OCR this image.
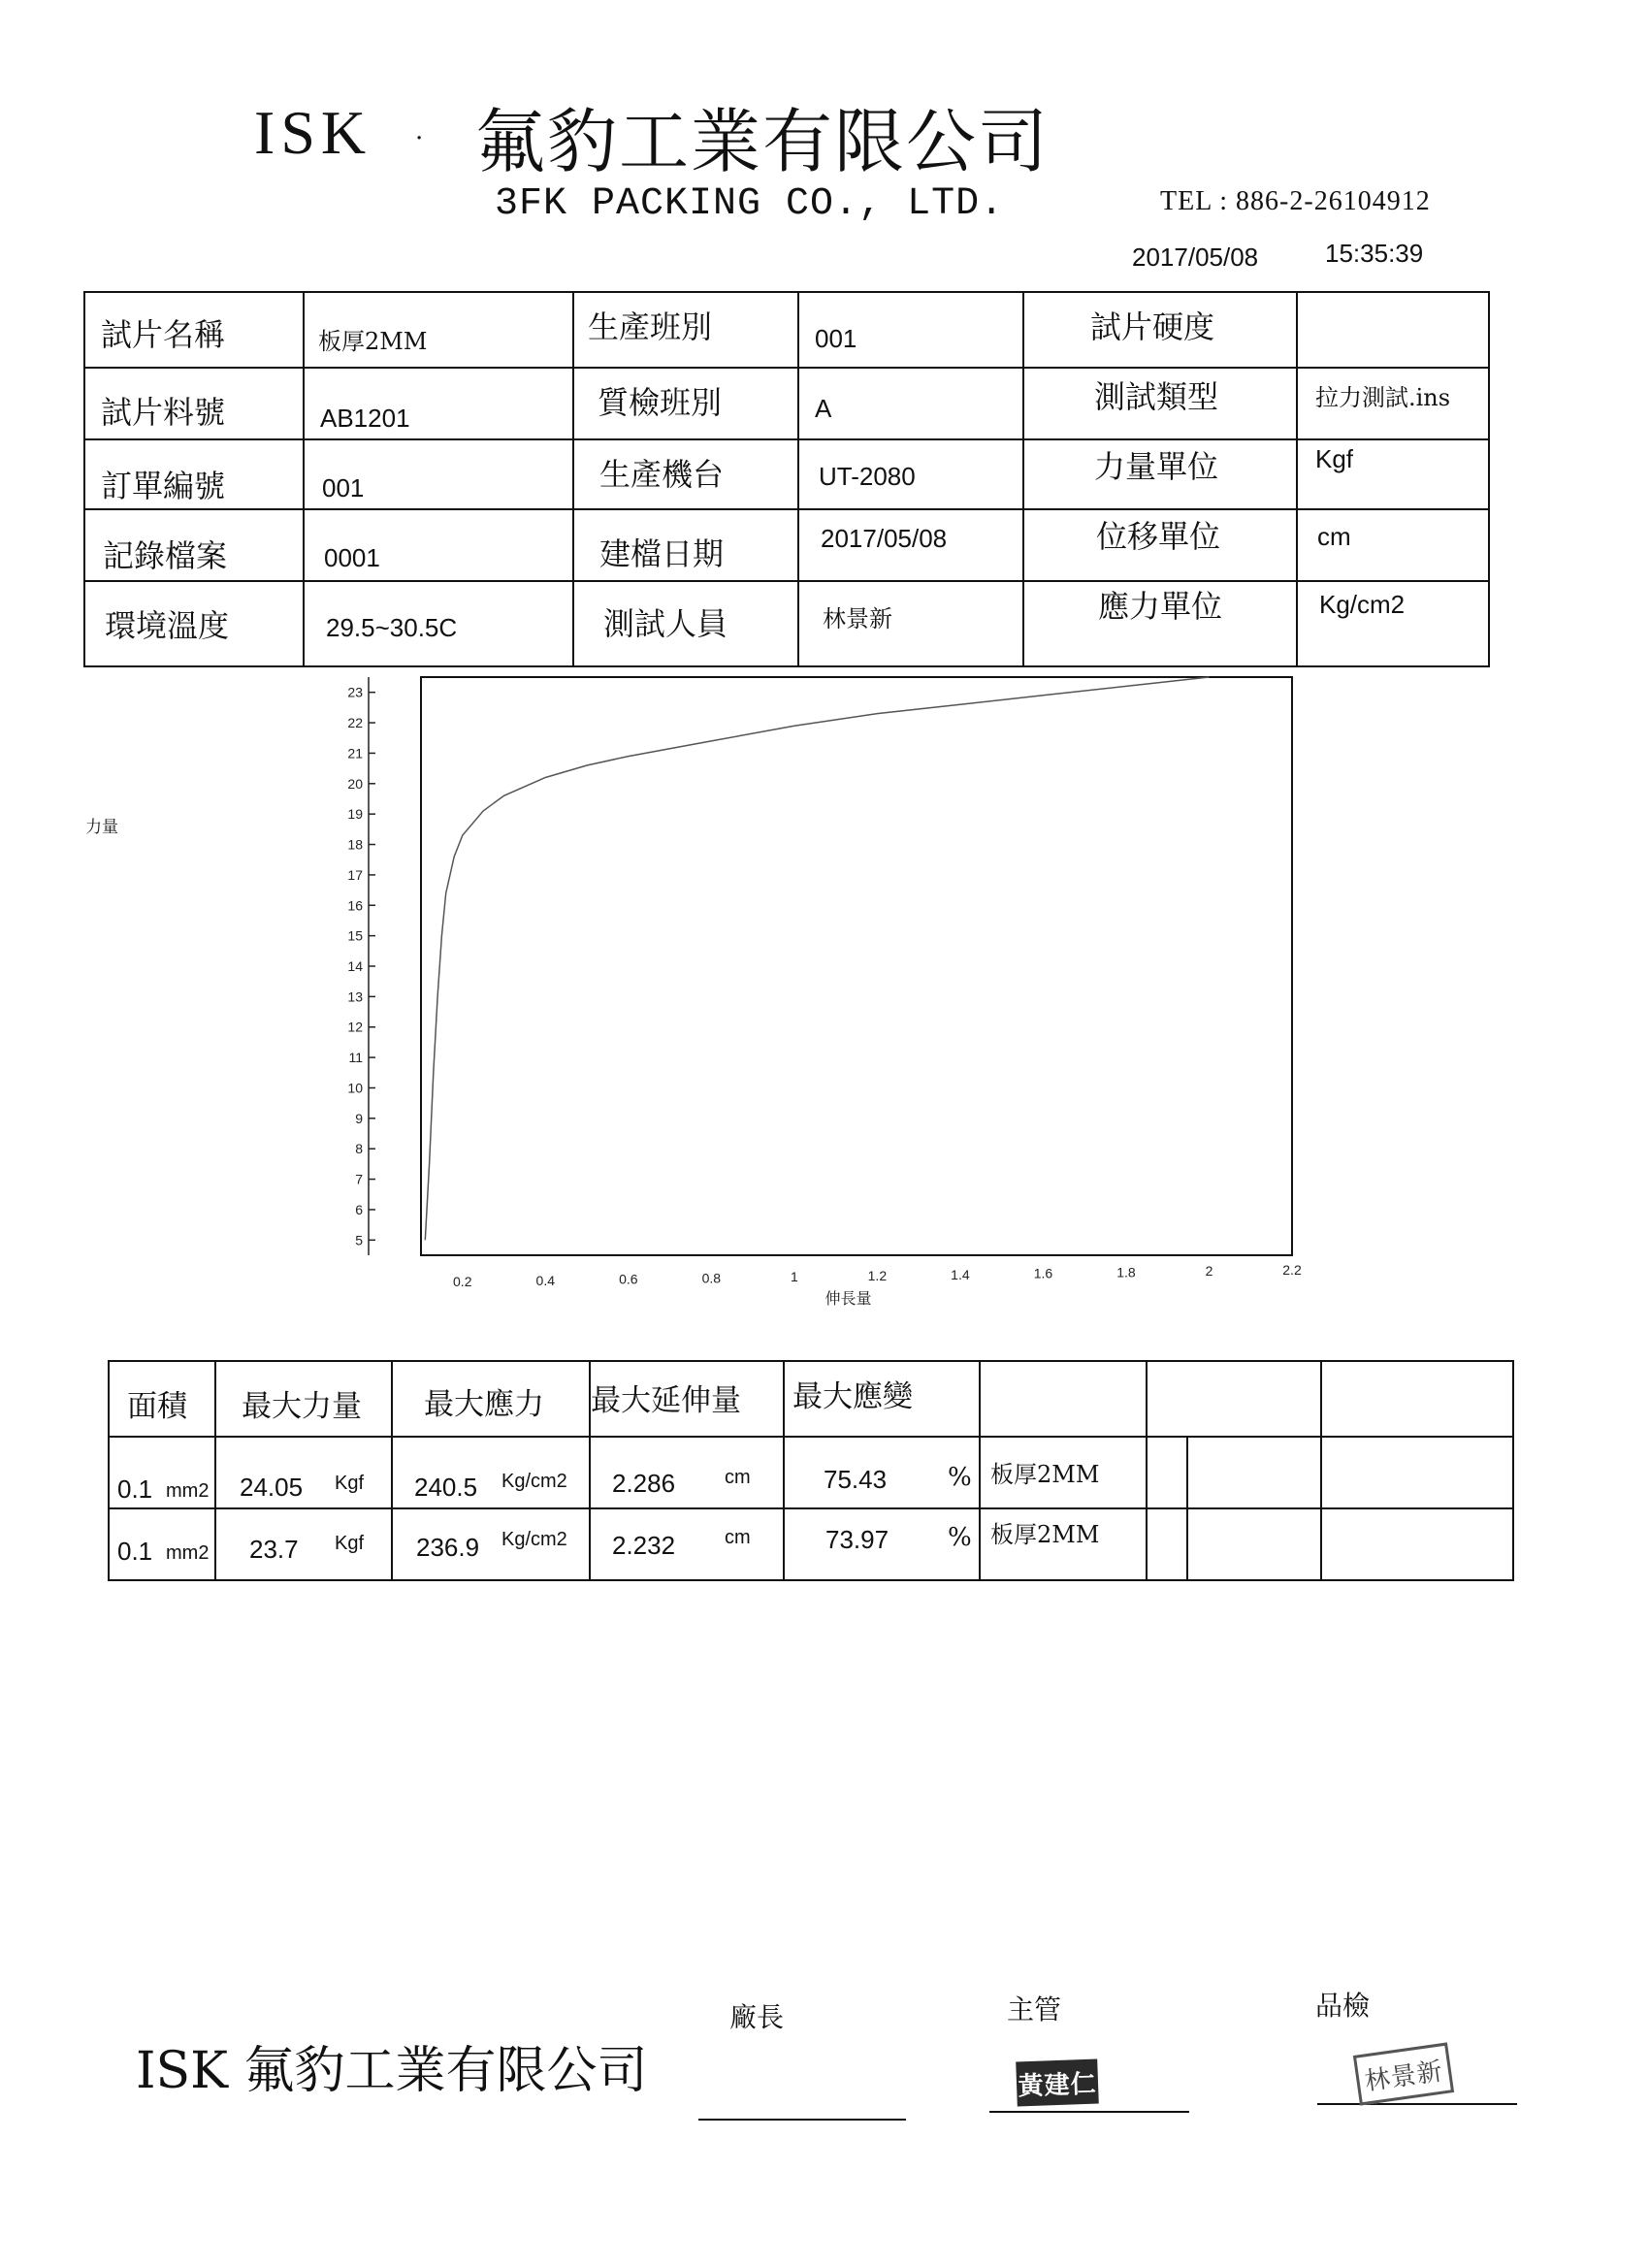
ISK · 氟豹工業有限公司
3FK PACKING CO., LTD.	TEL : 886-2-26104912
2017/05/08	15:35:39
試片名稱	板厚2MM	生產班別	001	試片硬度
試片料號	AB1201	質檢班別	A	測試類型	拉力測試.ins
訂單編號	001	生產機台	UT-2080	力量單位	Kgf
記錄檔案	0001	建檔日期	2017/05/08	位移單位	cm
環境溫度	29.5~30.5C	測試人員	林景新	應力單位	Kg/cm2
5
6
7
8
9
10
11
12
13
14
15
16
17
18
19
20
21
22
23
0.2	0.4	0.6	0.8	1	1.2	1.4	1.6	1.8	2	2.2
力量
伸長量
面積 最大力量 最大應力 最大延伸量 最大應變
0.1 mm2 24.05 Kgf 240.5 Kg/cm2 2.286	cm	75.43 % 板厚2MM
0.1 mm2 23.7 Kgf 236.9 Kg/cm2 2.232	cm	73.97 % 板厚2MM
ISK 氟豹工業有限公司
廠長	主管	品檢
黃建仁	林景新
